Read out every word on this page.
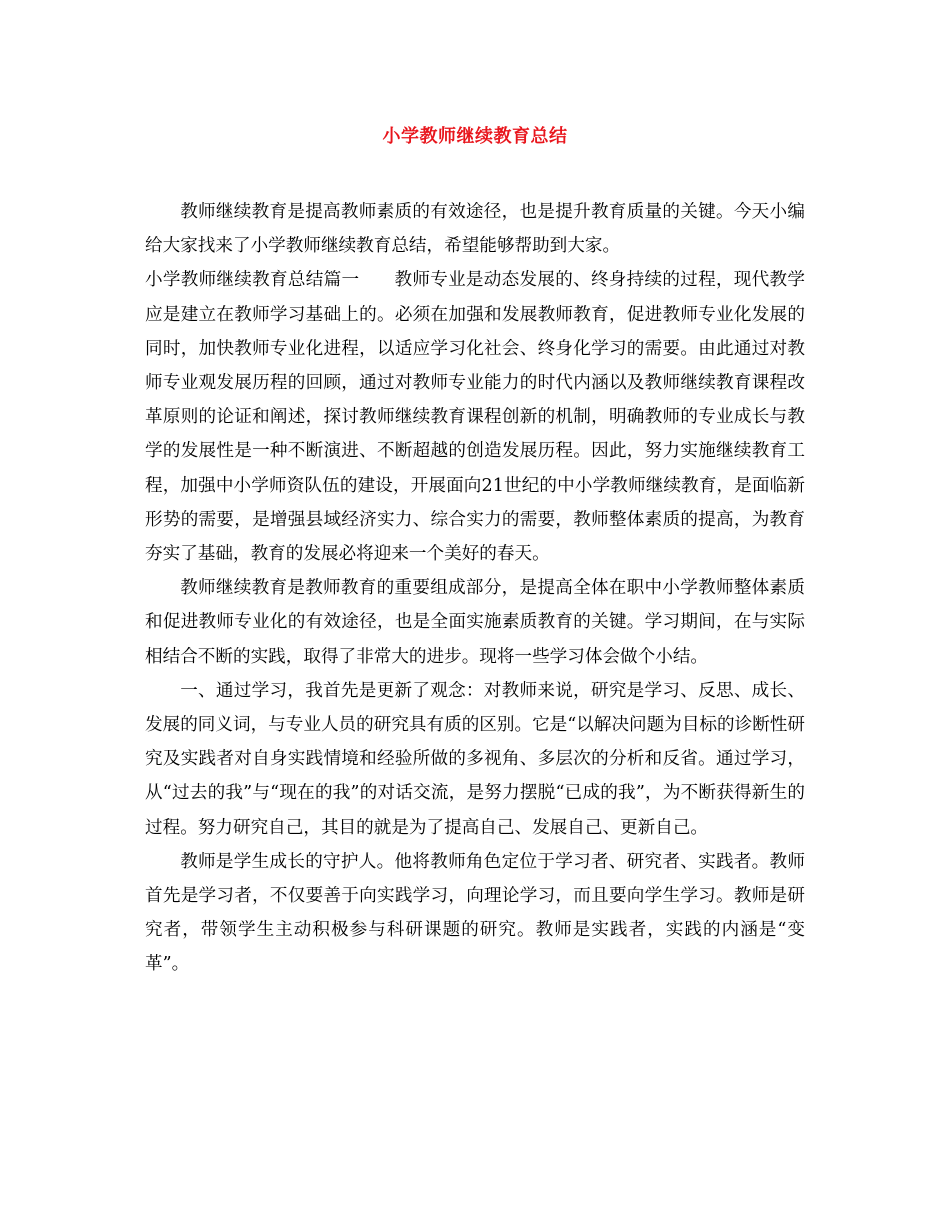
小学教师继续教育总结

教师继续教育是提高教师素质的有效途径，也是提升教育质量的关键。今天小编给大家找来了小学教师继续教育总结，希望能够帮助到大家。

小学教师继续教育总结篇一 教师专业是动态发展的、终身持续的过程，现代教学应是建立在教师学习基础上的。必须在加强和发展教师教育，促进教师专业化发展的同时，加快教师专业化进程，以适应学习化社会、终身化学习的需要。由此通过对教师专业观发展历程的回顾，通过对教师专业能力的时代内涵以及教师继续教育课程改革原则的论证和阐述，探讨教师继续教育课程创新的机制，明确教师的专业成长与教学的发展性是一种不断演进、不断超越的创造发展历程。因此，努力实施继续教育工程，加强中小学师资队伍的建设，开展面向21世纪的中小学教师继续教育，是面临新形势的需要，是增强县域经济实力、综合实力的需要，教师整体素质的提高，为教育夯实了基础，教育的发展必将迎来一个美好的春天。

教师继续教育是教师教育的重要组成部分，是提高全体在职中小学教师整体素质和促进教师专业化的有效途径，也是全面实施素质教育的关键。学习期间，在与实际相结合不断的实践，取得了非常大的进步。现将一些学习体会做个小结。

一、通过学习，我首先是更新了观念：对教师来说，研究是学习、反思、成长、发展的同义词，与专业人员的研究具有质的区别。它是“以解决问题为目标的诊断性研究及实践者对自身实践情境和经验所做的多视角、多层次的分析和反省。通过学习，从“过去的我”与“现在的我”的对话交流，是努力摆脱“已成的我”，为不断获得新生的过程。努力研究自己，其目的就是为了提高自己、发展自己、更新自己。

教师是学生成长的守护人。他将教师角色定位于学习者、研究者、实践者。教师首先是学习者，不仅要善于向实践学习，向理论学习，而且要向学生学习。教师是研究者，带领学生主动积极参与科研课题的研究。教师是实践者，实践的内涵是“变革”。
